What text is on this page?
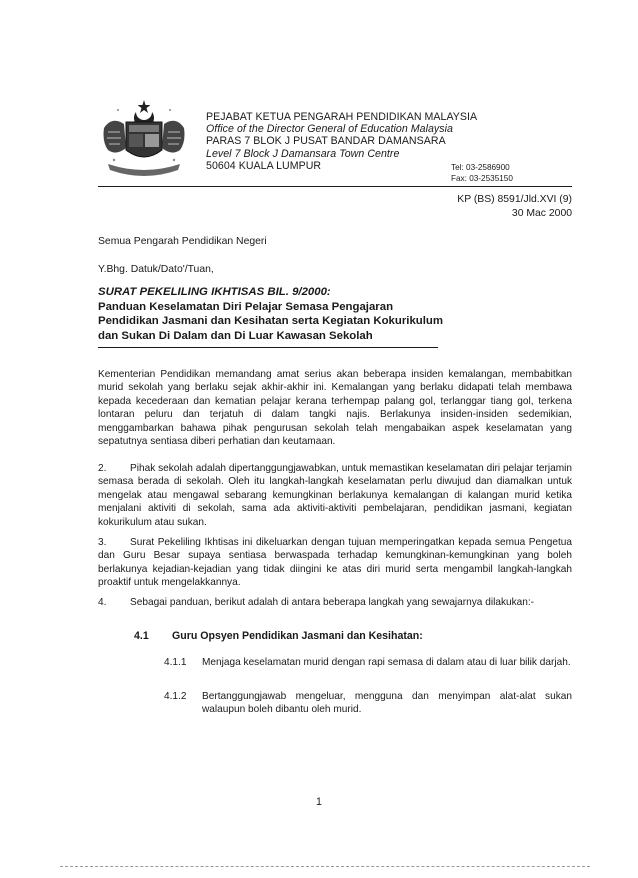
PEJABAT KETUA PENGARAH PENDIDIKAN MALAYSIA
Office of the Director General of Education Malaysia
PARAS 7 BLOK J PUSAT BANDAR DAMANSARA
Level 7 Block J Damansara Town Centre
50604 KUALA LUMPUR	Tel: 03-2586900
Fax: 03-2535150
KP (BS) 8591/Jld.XVI (9)
30 Mac 2000
Semua Pengarah Pendidikan Negeri
Y.Bhg. Datuk/Dato'/Tuan,
SURAT PEKELILING IKHTISAS BIL. 9/2000:
Panduan Keselamatan Diri Pelajar Semasa Pengajaran
Pendidikan Jasmani dan Kesihatan serta Kegiatan Kokurikulum
dan Sukan Di Dalam dan Di Luar Kawasan Sekolah

Kementerian Pendidikan memandang amat serius akan beberapa insiden kemalangan, membabitkan murid sekolah yang berlaku sejak akhir-akhir ini. Kemalangan yang berlaku didapati telah membawa kepada kecederaan dan kematian pelajar kerana terhempap palang gol, terlanggar tiang gol, terkena lontaran peluru dan terjatuh di dalam tangki najis. Berlakunya insiden-insiden sedemikian, menggambarkan bahawa pihak pengurusan sekolah telah mengabaikan aspek keselamatan yang sepatutnya sentiasa diberi perhatian dan keutamaan.

2. Pihak sekolah adalah dipertanggungjawabkan, untuk memastikan keselamatan diri pelajar terjamin semasa berada di sekolah. Oleh itu langkah-langkah keselamatan perlu diwujud dan diamalkan untuk mengelak atau mengawal sebarang kemungkinan berlakunya kemalangan di kalangan murid ketika menjalani aktiviti di sekolah, sama ada aktiviti-aktiviti pembelajaran, pendidikan jasmani, kegiatan kokurikulum atau sukan.

3. Surat Pekeliling Ikhtisas ini dikeluarkan dengan tujuan memperingatkan kepada semua Pengetua dan Guru Besar supaya sentiasa berwaspada terhadap kemungkinan-kemungkinan yang boleh berlakunya kejadian-kejadian yang tidak diingini ke atas diri murid serta mengambil langkah-langkah proaktif untuk mengelakkannya.

4. Sebagai panduan, berikut adalah di antara beberapa langkah yang sewajarnya dilakukan:-

4.1 Guru Opsyen Pendidikan Jasmani dan Kesihatan:
4.1.1 Menjaga keselamatan murid dengan rapi semasa di dalam atau di luar bilik darjah.
4.1.2 Bertanggungjawab mengeluar, mengguna dan menyimpan alat-alat sukan walaupun boleh dibantu oleh murid.
1
